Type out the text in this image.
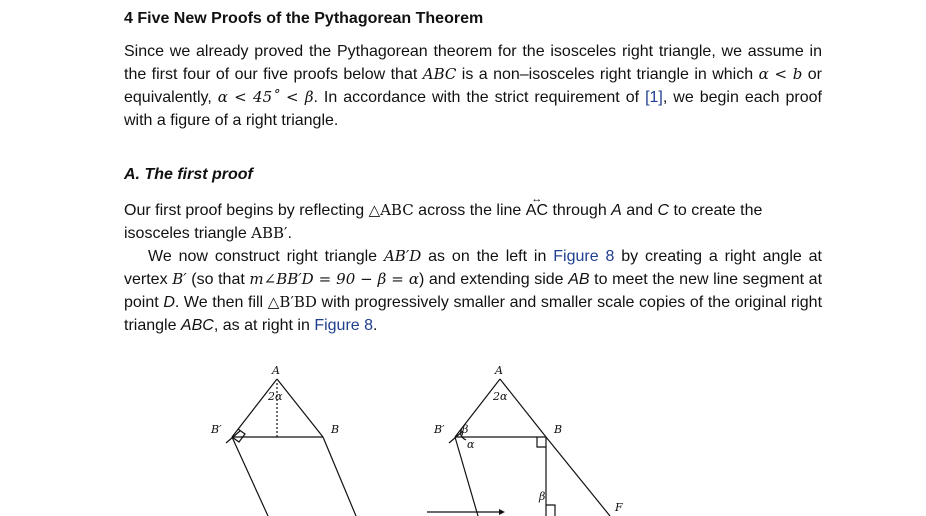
4 Five New Proofs of the Pythagorean Theorem
Since we already proved the Pythagorean theorem for the isosceles right triangle, we assume in the first four of our five proofs below that ABC is a non–isosceles right triangle in which α < b or equivalently, α < 45˚ < β. In accordance with the strict requirement of [1], we begin each proof with a figure of a right triangle.
A. The first proof
Our first proof begins by reflecting △ABC across the line ↔ AC through A and C to create the isosceles triangle ABB′.
We now construct right triangle AB′D as on the left in Figure 8 by creating a right angle at vertex B′ (so that m∠BB′D = 90 − β = α) and extending side AB to meet the new line segment at point D. We then fill △B′BD with progressively smaller and smaller scale copies of the original right triangle ABC, as at right in Figure 8.
A
2α
B′	B
A
2α
B′ β
α
B
β
F
